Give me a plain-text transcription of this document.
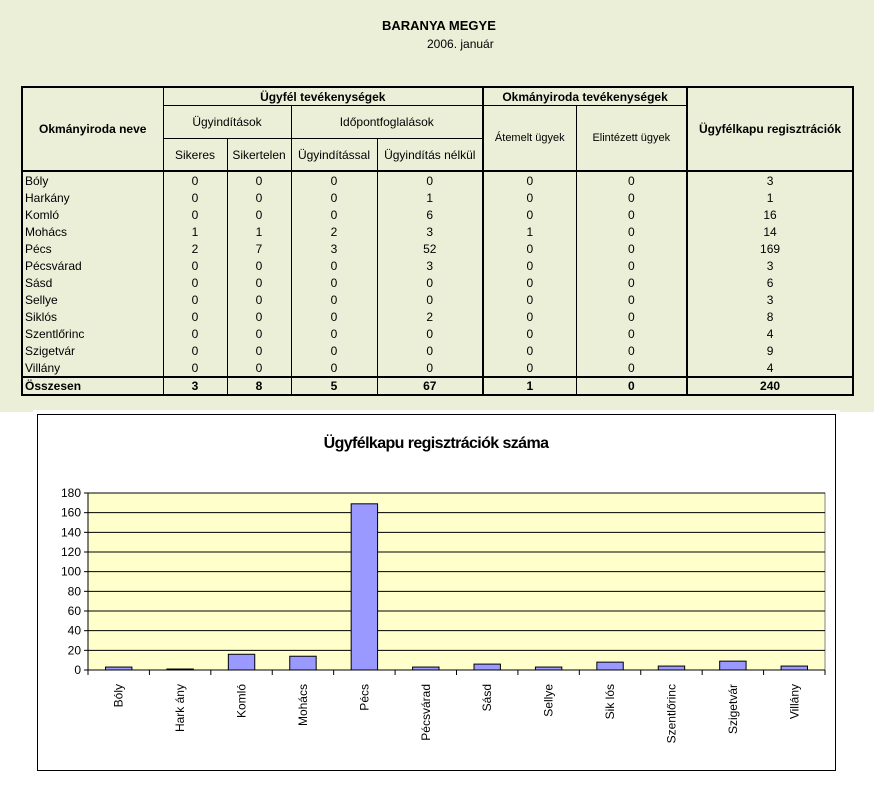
BARANYA MEGYE
2006. január
Okmányiroda neve	Ügyfél tevékenységek				Okmányiroda tevékenységek		Ügyfélkapu regisztrációk
	Ügyindítások		Időpontfoglalások		Átemelt ügyek	Elintézett ügyek	
	Sikeres	Sikertelen	Ügyindítással	Ügyindítás nélkül			
Bóly	0	0	0	0	0	0	3
Harkány	0	0	0	1	0	0	1
Komló	0	0	0	6	0	0	16
Mohács	1	1	2	3	1	0	14
Pécs	2	7	3	52	0	0	169
Pécsvárad	0	0	0	3	0	0	3
Sásd	0	0	0	0	0	0	6
Sellye	0	0	0	0	0	0	3
Siklós	0	0	0	2	0	0	8
Szentlőrinc	0	0	0	0	0	0	4
Szigetvár	0	0	0	0	0	0	9
Villány	0	0	0	0	0	0	4
Összesen	3	8	5	67	1	0	240
Ügyfélkapu regisztrációk száma
0
20
40
60
80
100
120
140
160
180
Bóly	Hark ány	Komló	Mohács	Pécs	Pécsvárad	Sásd	Sellye	Sik lós	Szentlőrinc	Szigetvár	Villány
